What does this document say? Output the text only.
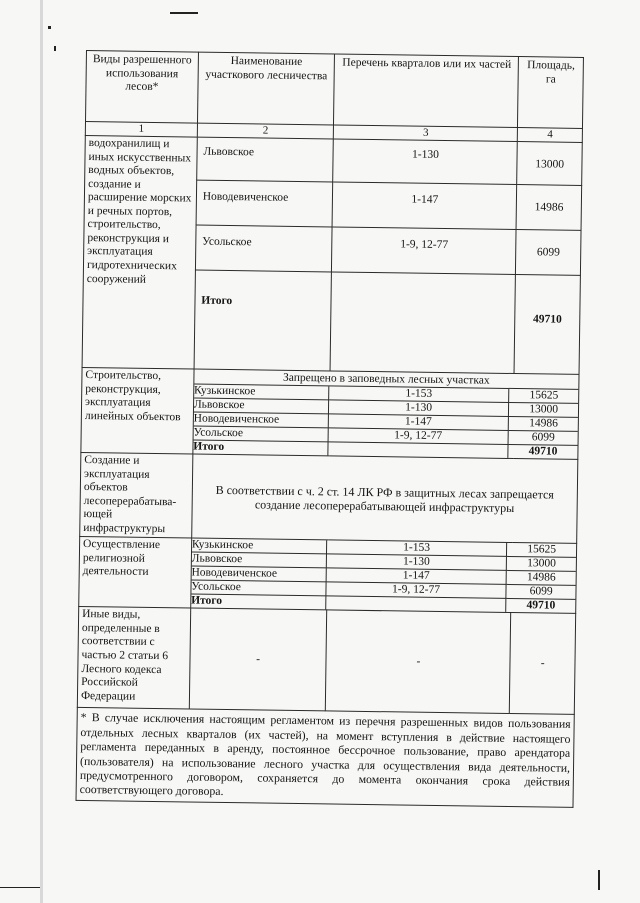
Виды разрешенного использования лесов*	Наименование участкового лесничества	Перечень кварталов или их частей	Площадь, га
1	2	3	4
водохранилищ и иных искусственных водных объектов, создание и расширение морских и речных портов, строительство, реконструкция и эксплуатация гидротехнических сооружений	Львовское	1-130	13000
Новодевиченское	1-147	14986
Усольское	1-9, 12-77	6099
Итого		49710
Строительство, реконструкция, эксплуатация линейных объектов	
Запрещено в заповедных лесных участках
Кузькинское	1-153	15625
Львовское	1-130	13000
Новодевиченское	1-147	14986
Усольское	1-9, 12-77	6099
Итого		49710

Создание и эксплуатация объектов лесоперерабатыва-ющей инфраструктуры	В соответствии с ч. 2 ст. 14 ЛК РФ в защитных лесах запрещается создание лесоперерабатывающей инфраструктуры
Осуществление религиозной деятельности	
Кузькинское	1-153	15625
Львовское	1-130	13000
Новодевиченское	1-147	14986
Усольское	1-9, 12-77	6099
Итого		49710

Иные виды, определенные в соответствии с частью 2 статьи 6 Лесного кодекса Российской Федерации	-	-	-
* В случае исключения настоящим регламентом из перечня разрешенных видов пользования отдельных лесных кварталов (их частей), на момент вступления в действие настоящего регламента переданных в аренду, постоянное бессрочное пользование, право арендатора (пользователя) на использование лесного участка для осуществления вида деятельности, предусмотренного договором, сохраняется до момента окончания срока действия соответствующего договора.
